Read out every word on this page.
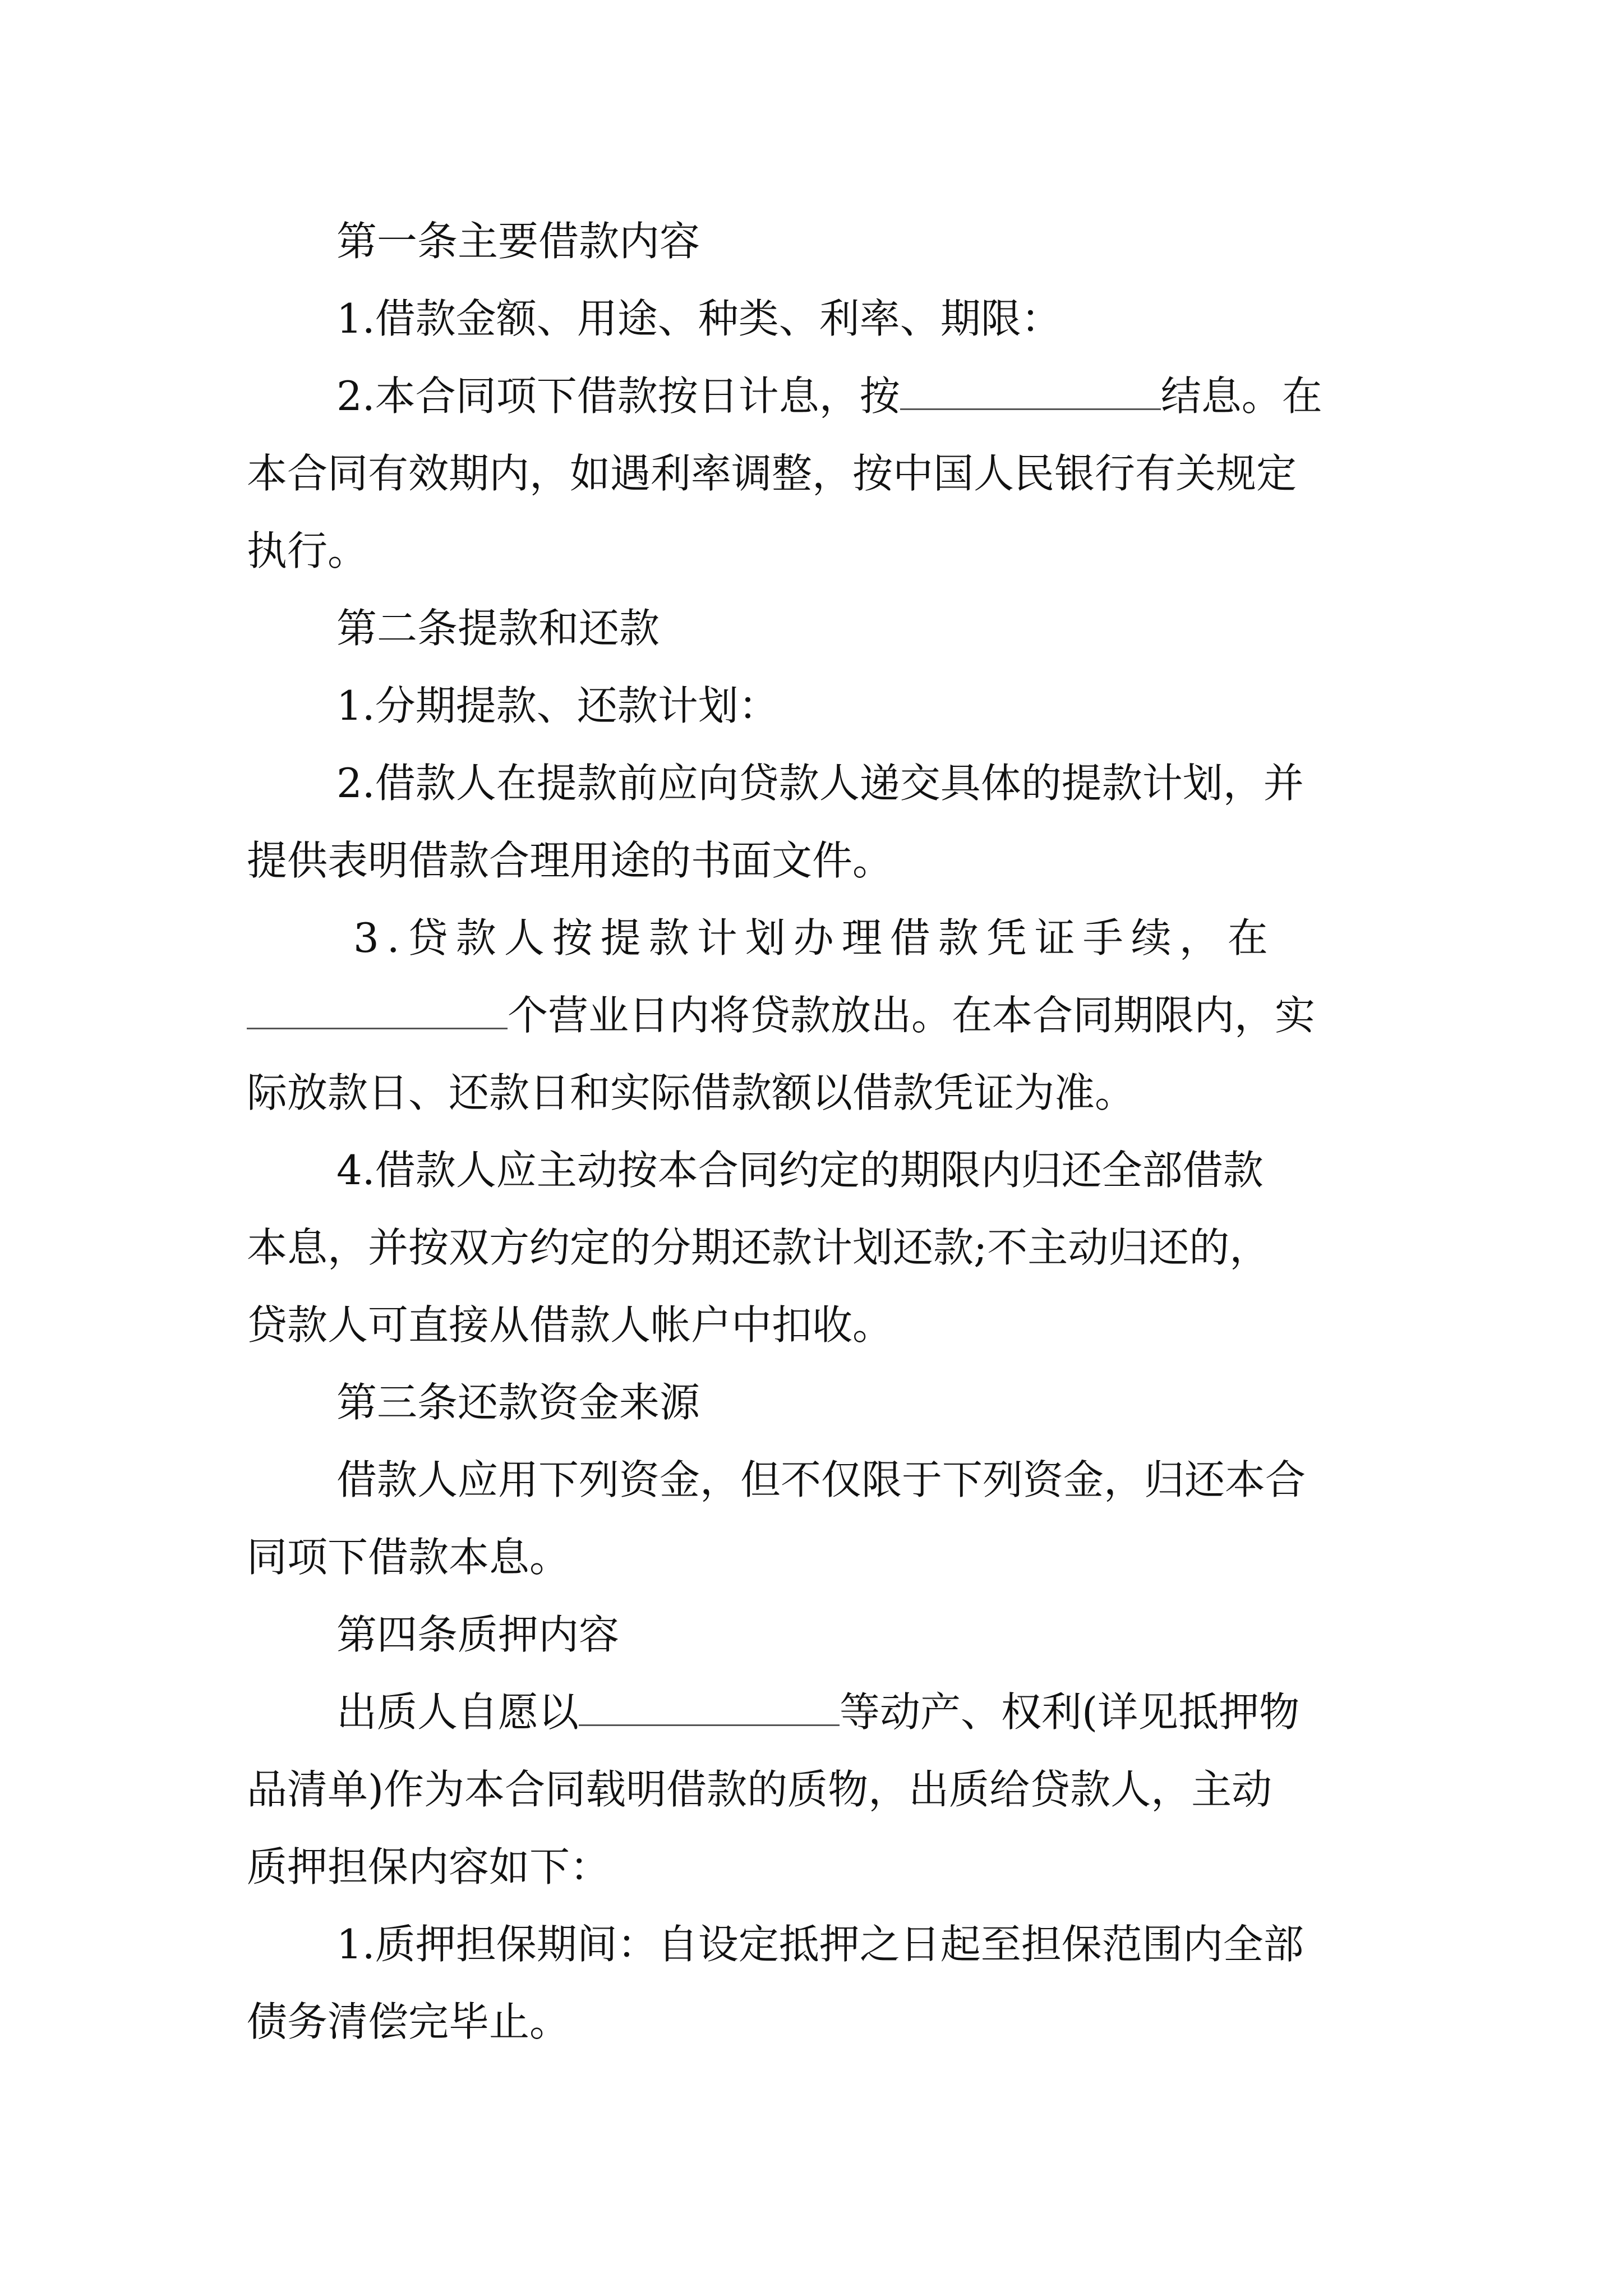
第一条主要借款内容
1.借款金额、用途、种类、利率、期限：
2.本合同项下借款按日计息，按	结息。在
本合同有效期内，如遇利率调整，按中国人民银行有关规定
执行。
第二条提款和还款
1.分期提款、还款计划：
2.借款人在提款前应向贷款人递交具体的提款计划，并
提供表明借款合理用途的书面文件。
3.贷款人按提款计划办理借款凭证手续，在
个营业日内将贷款放出。在本合同期限内，实
际放款日、还款日和实际借款额以借款凭证为准。
4.借款人应主动按本合同约定的期限内归还全部借款
本息，并按双方约定的分期还款计划还款;不主动归还的，
贷款人可直接从借款人帐户中扣收。
第三条还款资金来源
借款人应用下列资金，但不仅限于下列资金，归还本合
同项下借款本息。
第四条质押内容
出质人自愿以	等动产、权利(详见抵押物
品清单)作为本合同载明借款的质物，出质给贷款人，主动
质押担保内容如下：
1.质押担保期间：自设定抵押之日起至担保范围内全部
债务清偿完毕止。
